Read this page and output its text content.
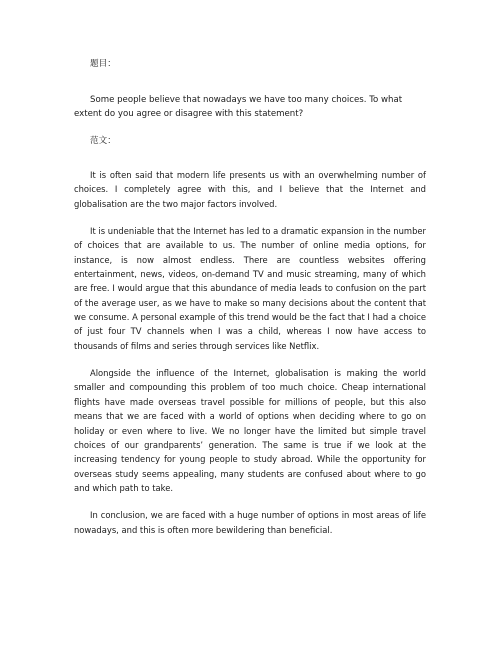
题目：
Some people believe that nowadays we have too many choices. To what extent do you agree or disagree with this statement?
范文：

It is often said that modern life presents us with an overwhelming number of choices. I completely agree with this, and I believe that the Internet and globalisation are the two major factors involved.

It is undeniable that the Internet has led to a dramatic expansion in the number of choices that are available to us. The number of online media options, for instance, is now almost endless. There are countless websites offering entertainment, news, videos, on-demand TV and music streaming, many of which are free. I would argue that this abundance of media leads to confusion on the part of the average user, as we have to make so many decisions about the content that we consume. A personal example of this trend would be the fact that I had a choice of just four TV channels when I was a child, whereas I now have access to thousands of films and series through services like Netflix.

Alongside the influence of the Internet, globalisation is making the world smaller and compounding this problem of too much choice. Cheap international flights have made overseas travel possible for millions of people, but this also means that we are faced with a world of options when deciding where to go on holiday or even where to live. We no longer have the limited but simple travel choices of our grandparents’ generation. The same is true if we look at the increasing tendency for young people to study abroad. While the opportunity for overseas study seems appealing, many students are confused about where to go and which path to take.

In conclusion, we are faced with a huge number of options in most areas of life nowadays, and this is often more bewildering than beneficial.
